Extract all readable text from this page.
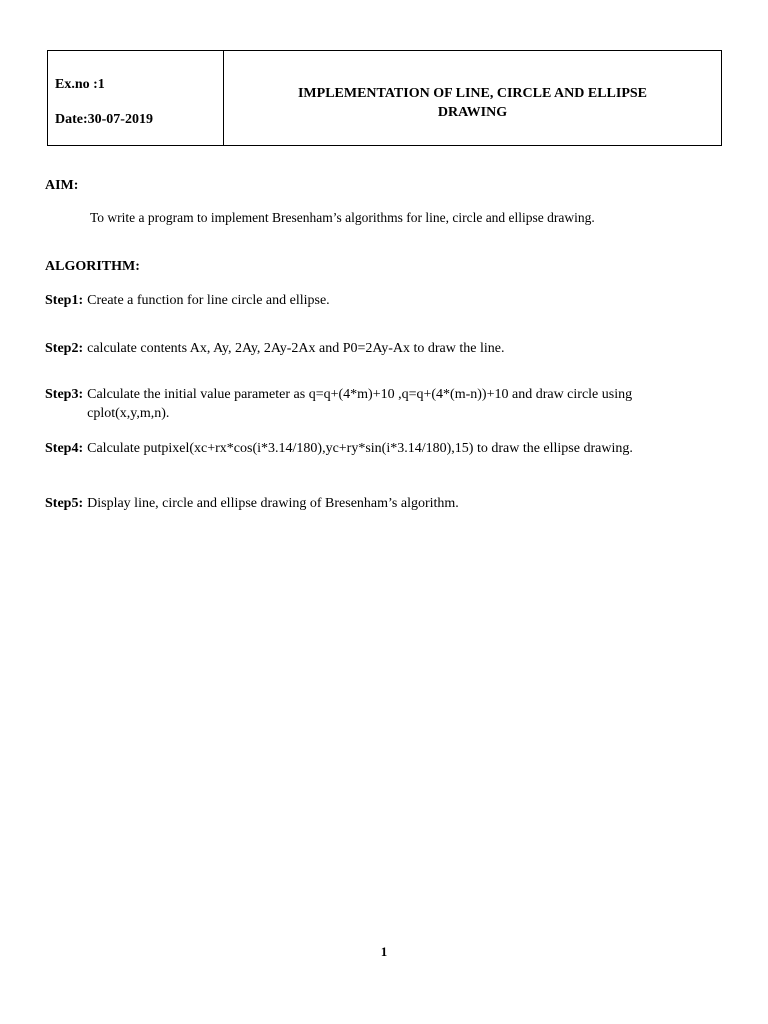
Ex.no :1
Date:30-07-2019
IMPLEMENTATION OF LINE, CIRCLE AND ELLIPSE DRAWING
AIM:
To write a program to implement Bresenham’s algorithms for line, circle and ellipse drawing.
ALGORITHM:
Step1: Create a function for line circle and ellipse.
Step2: calculate contents Ax, Ay, 2Ay, 2Ay-2Ax and P0=2Ay-Ax to draw the line.
Step3: Calculate the initial value parameter as q=q+(4*m)+10 ,q=q+(4*(m-n))+10 and draw circle using cplot(x,y,m,n).
Step4: Calculate putpixel(xc+rx*cos(i*3.14/180),yc+ry*sin(i*3.14/180),15) to draw the ellipse drawing.
Step5: Display line, circle and ellipse drawing of Bresenham’s algorithm.
1
